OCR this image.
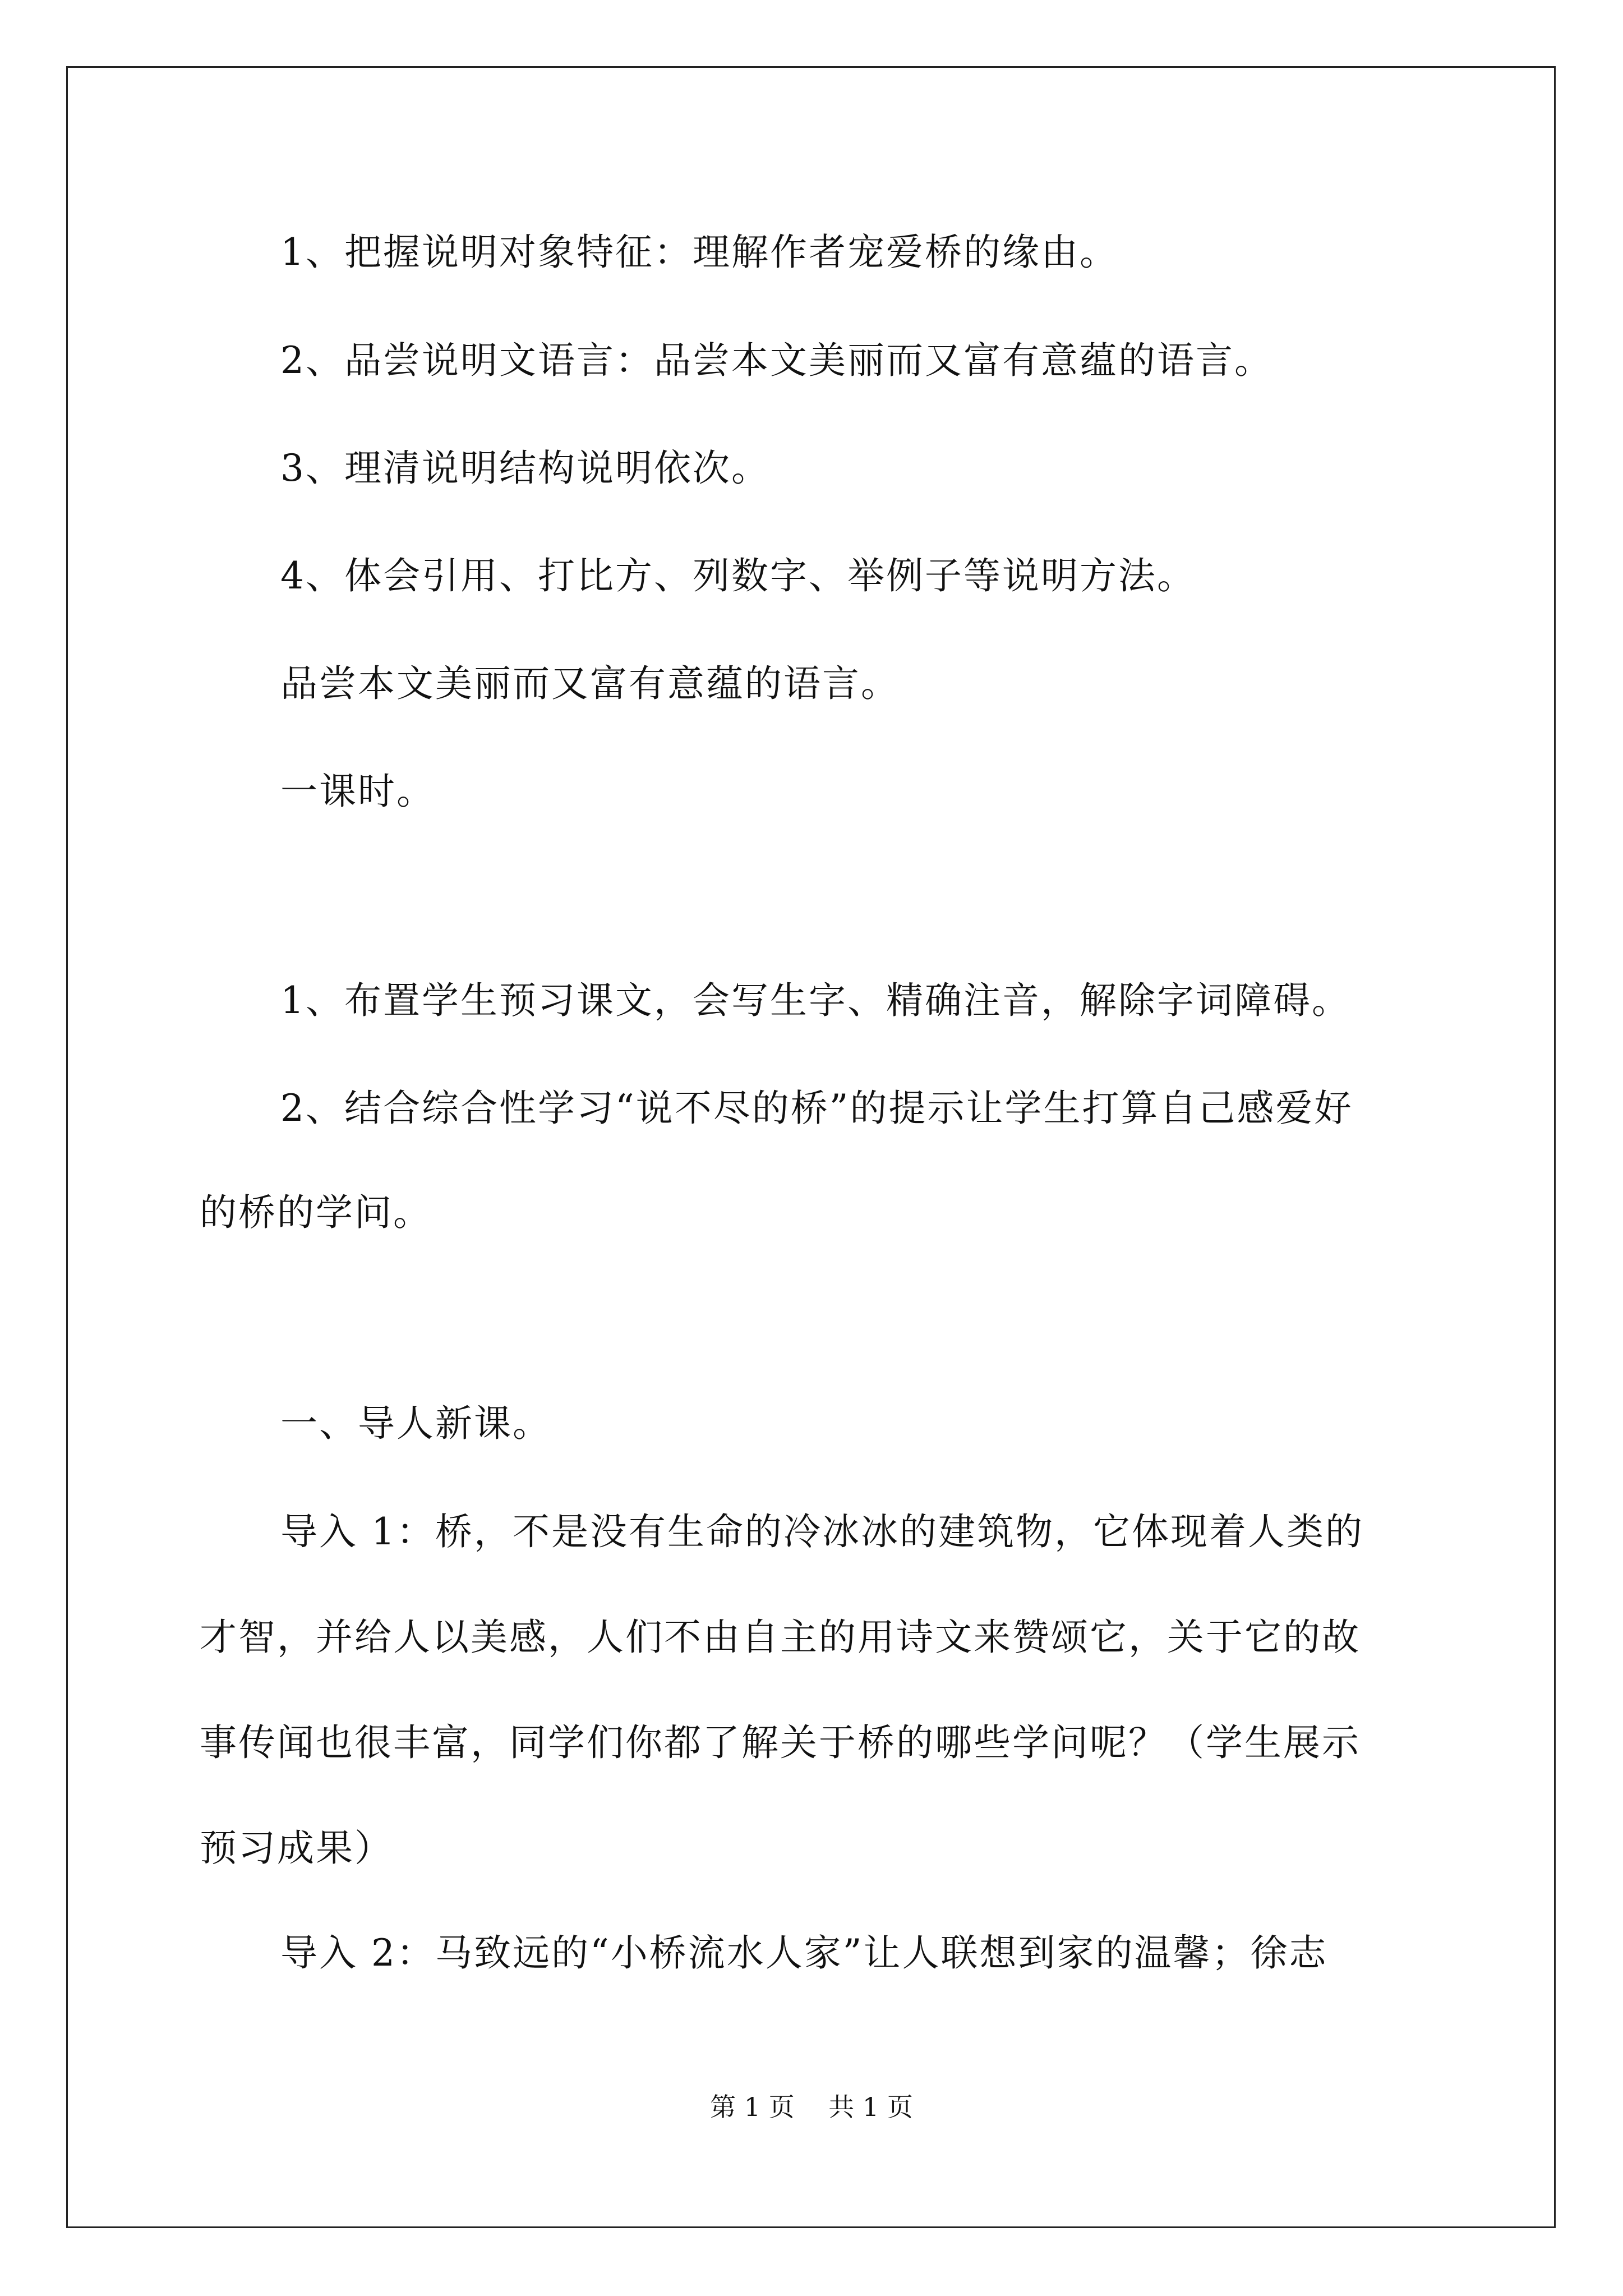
1、把握说明对象特征：理解作者宠爱桥的缘由。
2、品尝说明文语言：品尝本文美丽而又富有意蕴的语言。
3、理清说明结构说明依次。
4、体会引用、打比方、列数字、举例子等说明方法。
品尝本文美丽而又富有意蕴的语言。
一课时。
1、布置学生预习课文，会写生字、精确注音，解除字词障碍。
2、结合综合性学习“说不尽的桥”的提示让学生打算自己感爱好
的桥的学问。
一、导人新课。
导入 1：桥，不是没有生命的冷冰冰的建筑物，它体现着人类的
才智，并给人以美感，人们不由自主的用诗文来赞颂它，关于它的故
事传闻也很丰富，同学们你都了解关于桥的哪些学问呢？（学生展示
预习成果）
导入 2：马致远的“小桥流水人家”让人联想到家的温馨；徐志
第 1 页　 共 1 页
